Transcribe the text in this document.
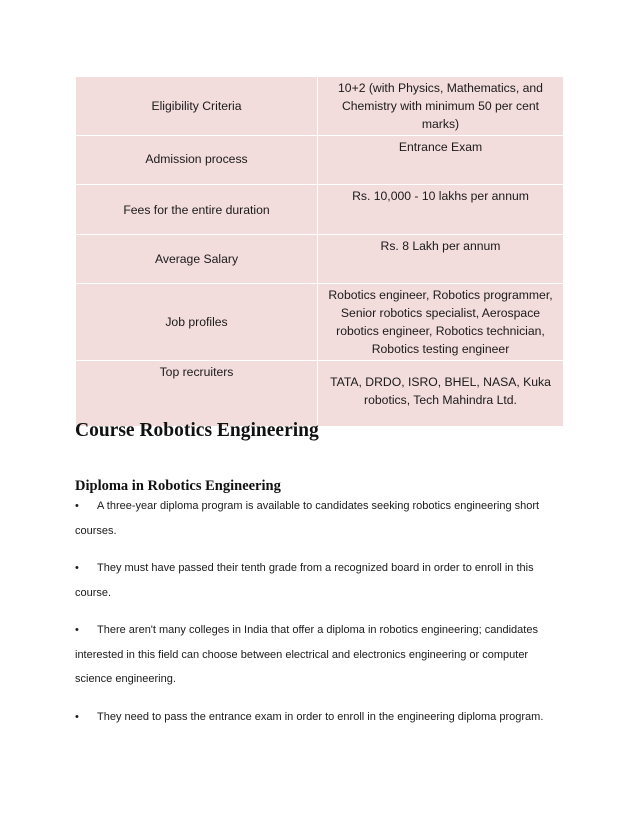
Eligibility Criteria	10+2 (with Physics, Mathematics, and Chemistry with minimum 50 per cent marks)
Admission process	Entrance Exam
Fees for the entire duration	Rs. 10,000 - 10 lakhs per annum
Average Salary	Rs. 8 Lakh per annum
Job profiles	Robotics engineer, Robotics programmer, Senior robotics specialist, Aerospace robotics engineer, Robotics technician, Robotics testing engineer
Top recruiters	TATA, DRDO, ISRO, BHEL, NASA, Kuka robotics, Tech Mahindra Ltd.
Course Robotics Engineering
Diploma in Robotics Engineering

• A three-year diploma program is available to candidates seeking robotics engineering short courses.

• They must have passed their tenth grade from a recognized board in order to enroll in this course.

• There aren't many colleges in India that offer a diploma in robotics engineering; candidates interested in this field can choose between electrical and electronics engineering or computer science engineering.

• They need to pass the entrance exam in order to enroll in the engineering diploma program.
